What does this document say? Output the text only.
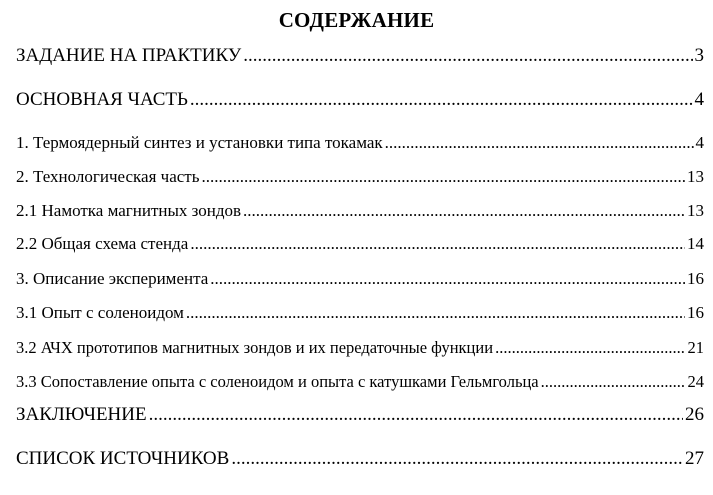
СОДЕРЖАНИЕ
ЗАДАНИЕ НА ПРАКТИКУ .....	3
ОСНОВНАЯ ЧАСТЬ .....	4
1. Термоядерный синтез и установки типа токамак .....	4
2. Технологическая часть .....	13
2.1 Намотка магнитных зондов .....	13
2.2 Общая схема стенда .....	14
3. Описание эксперимента .....	16
3.1 Опыт с соленоидом .....	16
3.2 АЧХ прототипов магнитных зондов и их передаточные функции .....	21
3.3 Сопоставление опыта с соленоидом и опыта с катушками Гельмгольца .....	24
ЗАКЛЮЧЕНИЕ .....	26
СПИСОК ИСТОЧНИКОВ .....	27
